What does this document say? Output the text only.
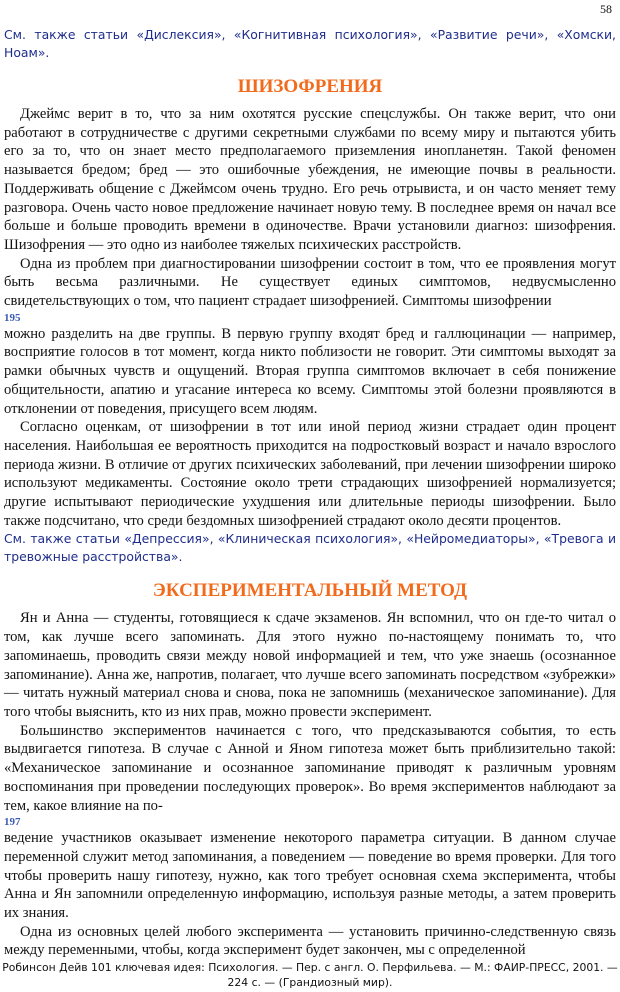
58
См. также статьи «Дислексия», «Когнитивная психология», «Развитие речи», «Хомски, Ноам».
ШИЗОФРЕНИЯ

Джеймс верит в то, что за ним охотятся русские спецслужбы. Он также верит, что они работают в сотрудничестве с другими секретными службами по всему миру и пытаются убить его за то, что он знает место предполагаемого приземления инопланетян. Такой феномен называется бредом; бред — это ошибочные убеждения, не имеющие почвы в реальности. Поддерживать общение с Джеймсом очень трудно. Его речь отрывиста, и он часто меняет тему разговора. Очень часто новое предложение начинает новую тему. В последнее время он начал все больше и больше проводить времени в одиночестве. Врачи установили диагноз: шизофрения. Шизофрения — это одно из наиболее тяжелых психических расстройств.

Одна из проблем при диагностировании шизофрении состоит в том, что ее проявления могут быть весьма различными. Не существует единых симптомов, недвусмысленно свидетельствующих о том, что пациент страдает шизофренией. Симптомы шизофрении

195

можно разделить на две группы. В первую группу входят бред и галлюцинации — например, восприятие голосов в тот момент, когда никто поблизости не говорит. Эти симптомы выходят за рамки обычных чувств и ощущений. Вторая группа симптомов включает в себя понижение общительности, апатию и угасание интереса ко всему. Симптомы этой болезни проявляются в отклонении от поведения, присущего всем людям.

Согласно оценкам, от шизофрении в тот или иной период жизни страдает один процент населения. Наибольшая ее вероятность приходится на подростковый возраст и начало взрослого периода жизни. В отличие от других психических заболеваний, при лечении шизофрении широко используют медикаменты. Состояние около трети страдающих шизофренией нормализуется; другие испытывают периодические ухудшения или длительные периоды шизофрении. Было также подсчитано, что среди бездомных шизофренией страдают около десяти процентов.

См. также статьи «Депрессия», «Клиническая психология», «Нейромедиаторы», «Тревога и тревожные расстройства».
ЭКСПЕРИМЕНТАЛЬНЫЙ МЕТОД

Ян и Анна — студенты, готовящиеся к сдаче экзаменов. Ян вспомнил, что он где-то читал о том, как лучше всего запоминать. Для этого нужно по-настоящему понимать то, что запоминаешь, проводить связи между новой информацией и тем, что уже знаешь (осознанное запоминание). Анна же, напротив, полагает, что лучше всего запоминать посредством «зубрежки» — читать нужный материал снова и снова, пока не запомнишь (механическое запоминание). Для того чтобы выяснить, кто из них прав, можно провести эксперимент.

Большинство экспериментов начинается с того, что предсказываются события, то есть выдвигается гипотеза. В случае с Анной и Яном гипотеза может быть приблизительно такой: «Механическое запоминание и осознанное запоминание приводят к различным уровням воспоминания при проведении последующих проверок». Во время экспериментов наблюдают за тем, какое влияние на по-

197

ведение участников оказывает изменение некоторого параметра ситуации. В данном случае переменной служит метод запоминания, а поведением — поведение во время проверки. Для того чтобы проверить нашу гипотезу, нужно, как того требует основная схема эксперимента, чтобы Анна и Ян запомнили определенную информацию, используя разные методы, а затем проверить их знания.

Одна из основных целей любого эксперимента — установить причинно-следственную связь между переменными, чтобы, когда эксперимент будет закончен, мы с определенной

Робинсон Дейв 101 ключевая идея: Психология. — Пер. с англ. О. Перфильева. — М.: ФАИР-ПРЕСС, 2001. — 224 с. — (Грандиозный мир).
